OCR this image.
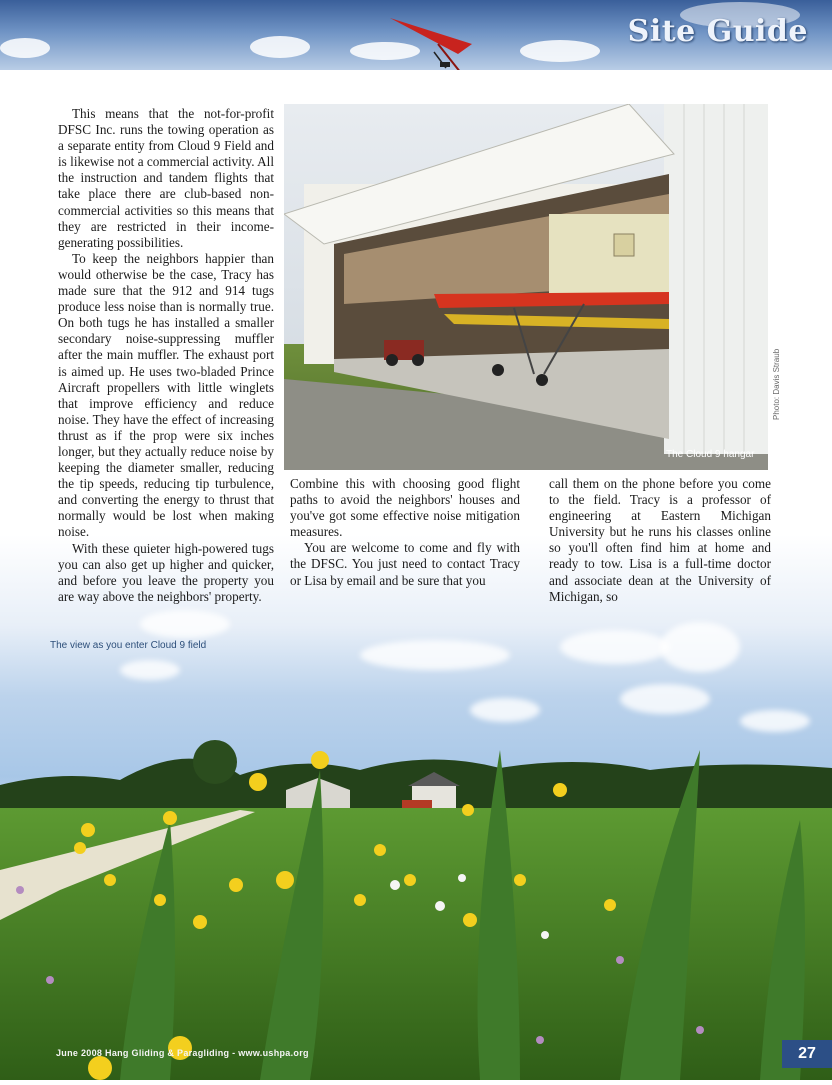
Site Guide

This means that the not-for-profit DFSC Inc. runs the towing operation as a separate entity from Cloud 9 Field and is likewise not a commercial activity. All the instruction and tandem flights that take place there are club-based non-commercial activities so this means that they are restricted in their income-generating possibilities.

To keep the neighbors happier than would otherwise be the case, Tracy has made sure that the 912 and 914 tugs produce less noise than is normally true. On both tugs he has installed a smaller secondary noise-suppressing muffler after the main muffler. The exhaust port is aimed up. He uses two-bladed Prince Aircraft propellers with little winglets that improve efficiency and reduce noise. They have the effect of increasing thrust as if the prop were six inches longer, but they actually reduce noise by keeping the diameter smaller, reducing the tip speeds, reducing tip turbulence, and converting the energy to thrust that normally would be lost when making noise.

With these quieter high-powered tugs you can also get up higher and quicker, and before you leave the property you are way above the neighbors' property.

The Cloud 9 hangar
Photo: Davis Straub

Combine this with choosing good flight paths to avoid the neighbors' houses and you've got some effective noise mitigation measures.

You are welcome to come and fly with the DFSC. You just need to contact Tracy or Lisa by email and be sure that you

call them on the phone before you come to the field. Tracy is a professor of engineering at Eastern Michigan University but he runs his classes online so you'll often find him at home and ready to tow. Lisa is a full-time doctor and associate dean at the University of Michigan, so

The view as you enter Cloud 9 field
June 2008 Hang Gliding & Paragliding - www.ushpa.org	27
